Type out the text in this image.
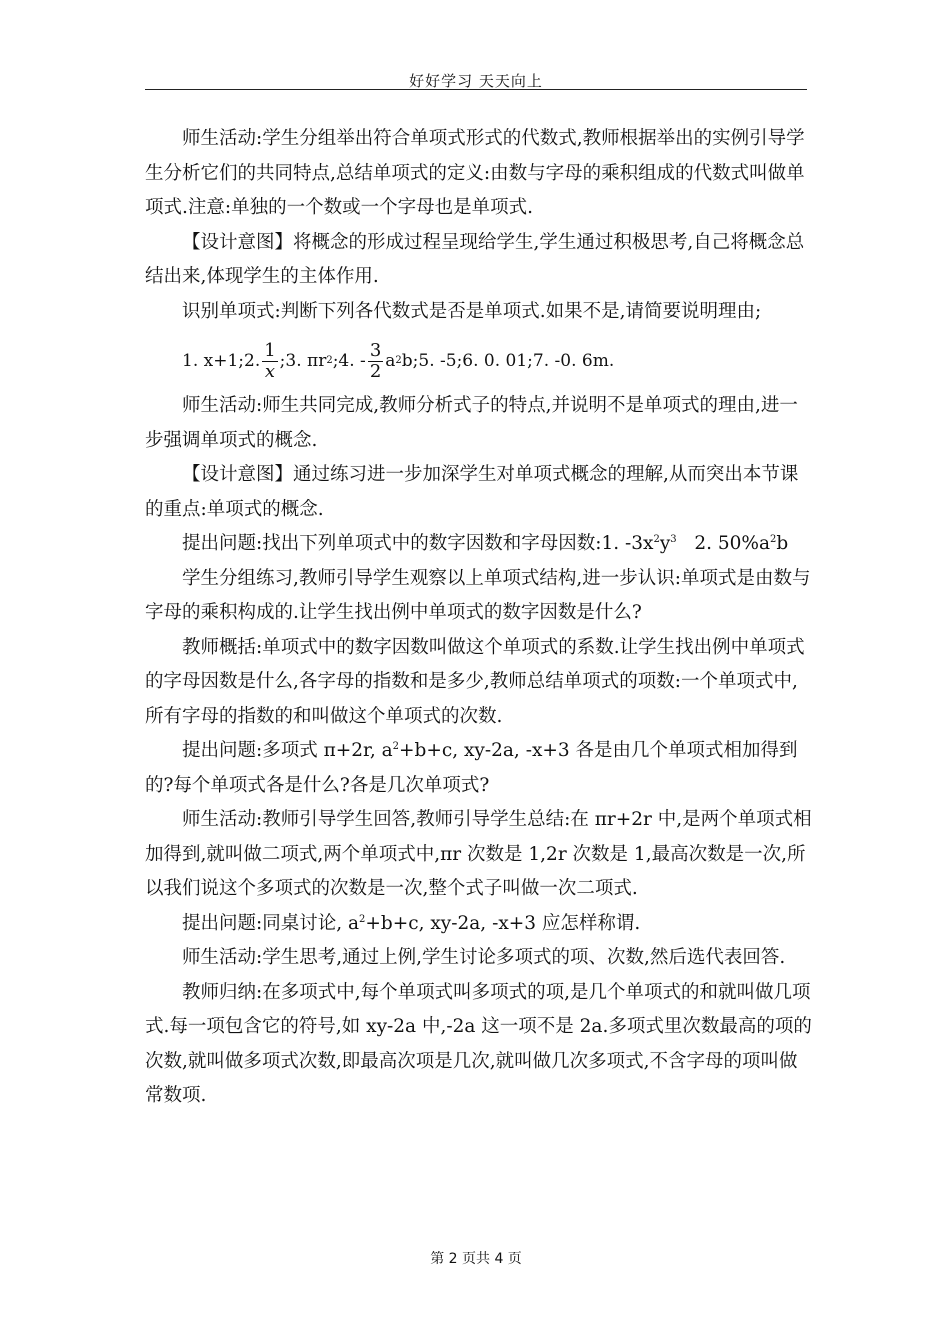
好好学习 天天向上

师生活动:学生分组举出符合单项式形式的代数式,教师根据举出的实例引导学生分析它们的共同特点,总结单项式的定义:由数与字母的乘积组成的代数式叫做单项式.注意:单独的一个数或一个字母也是单项式.

【设计意图】将概念的形成过程呈现给学生,学生通过积极思考,自己将概念总结出来,体现学生的主体作用.

识别单项式:判断下列各代数式是否是单项式.如果不是,请简要说明理由;

1. x+1;2. $\frac{1}{x}$ ;3. πr 2 ;4. - $\frac{3}{2}$ a 2 b;5. -5;6. 0. 01;7. -0. 6m.

师生活动:师生共同完成,教师分析式子的特点,并说明不是单项式的理由,进一步强调单项式的概念.

【设计意图】通过练习进一步加深学生对单项式概念的理解,从而突出本节课的重点:单项式的概念.

提出问题:找出下列单项式中的数字因数和字母因数:1. $-3x^2y^3$   2. $50\%a^2b$

学生分组练习,教师引导学生观察以上单项式结构,进一步认识:单项式是由数与字母的乘积构成的.让学生找出例中单项式的数字因数是什么?

教师概括:单项式中的数字因数叫做这个单项式的系数.让学生找出例中单项式的字母因数是什么,各字母的指数和是多少,教师总结单项式的项数:一个单项式中,所有字母的指数的和叫做这个单项式的次数.

提出问题:多项式 π+2r, $a^2+b+c$, xy-2a, -x+3 各是由几个单项式相加得到的?每个单项式各是什么?各是几次单项式?

师生活动:教师引导学生回答,教师引导学生总结:在 πr+2r 中,是两个单项式相加得到,就叫做二项式,两个单项式中,πr 次数是 1,2r 次数是 1,最高次数是一次,所以我们说这个多项式的次数是一次,整个式子叫做一次二项式.

提出问题:同桌讨论, $a^2+b+c$, xy-2a, -x+3 应怎样称谓.

师生活动:学生思考,通过上例,学生讨论多项式的项、次数,然后选代表回答.

教师归纳:在多项式中,每个单项式叫多项式的项,是几个单项式的和就叫做几项式.每一项包含它的符号,如 xy-2a 中,-2a 这一项不是 2a.多项式里次数最高的项的次数,就叫做多项式次数,即最高次项是几次,就叫做几次多项式,不含字母的项叫做常数项.

第 2 页共 4 页
